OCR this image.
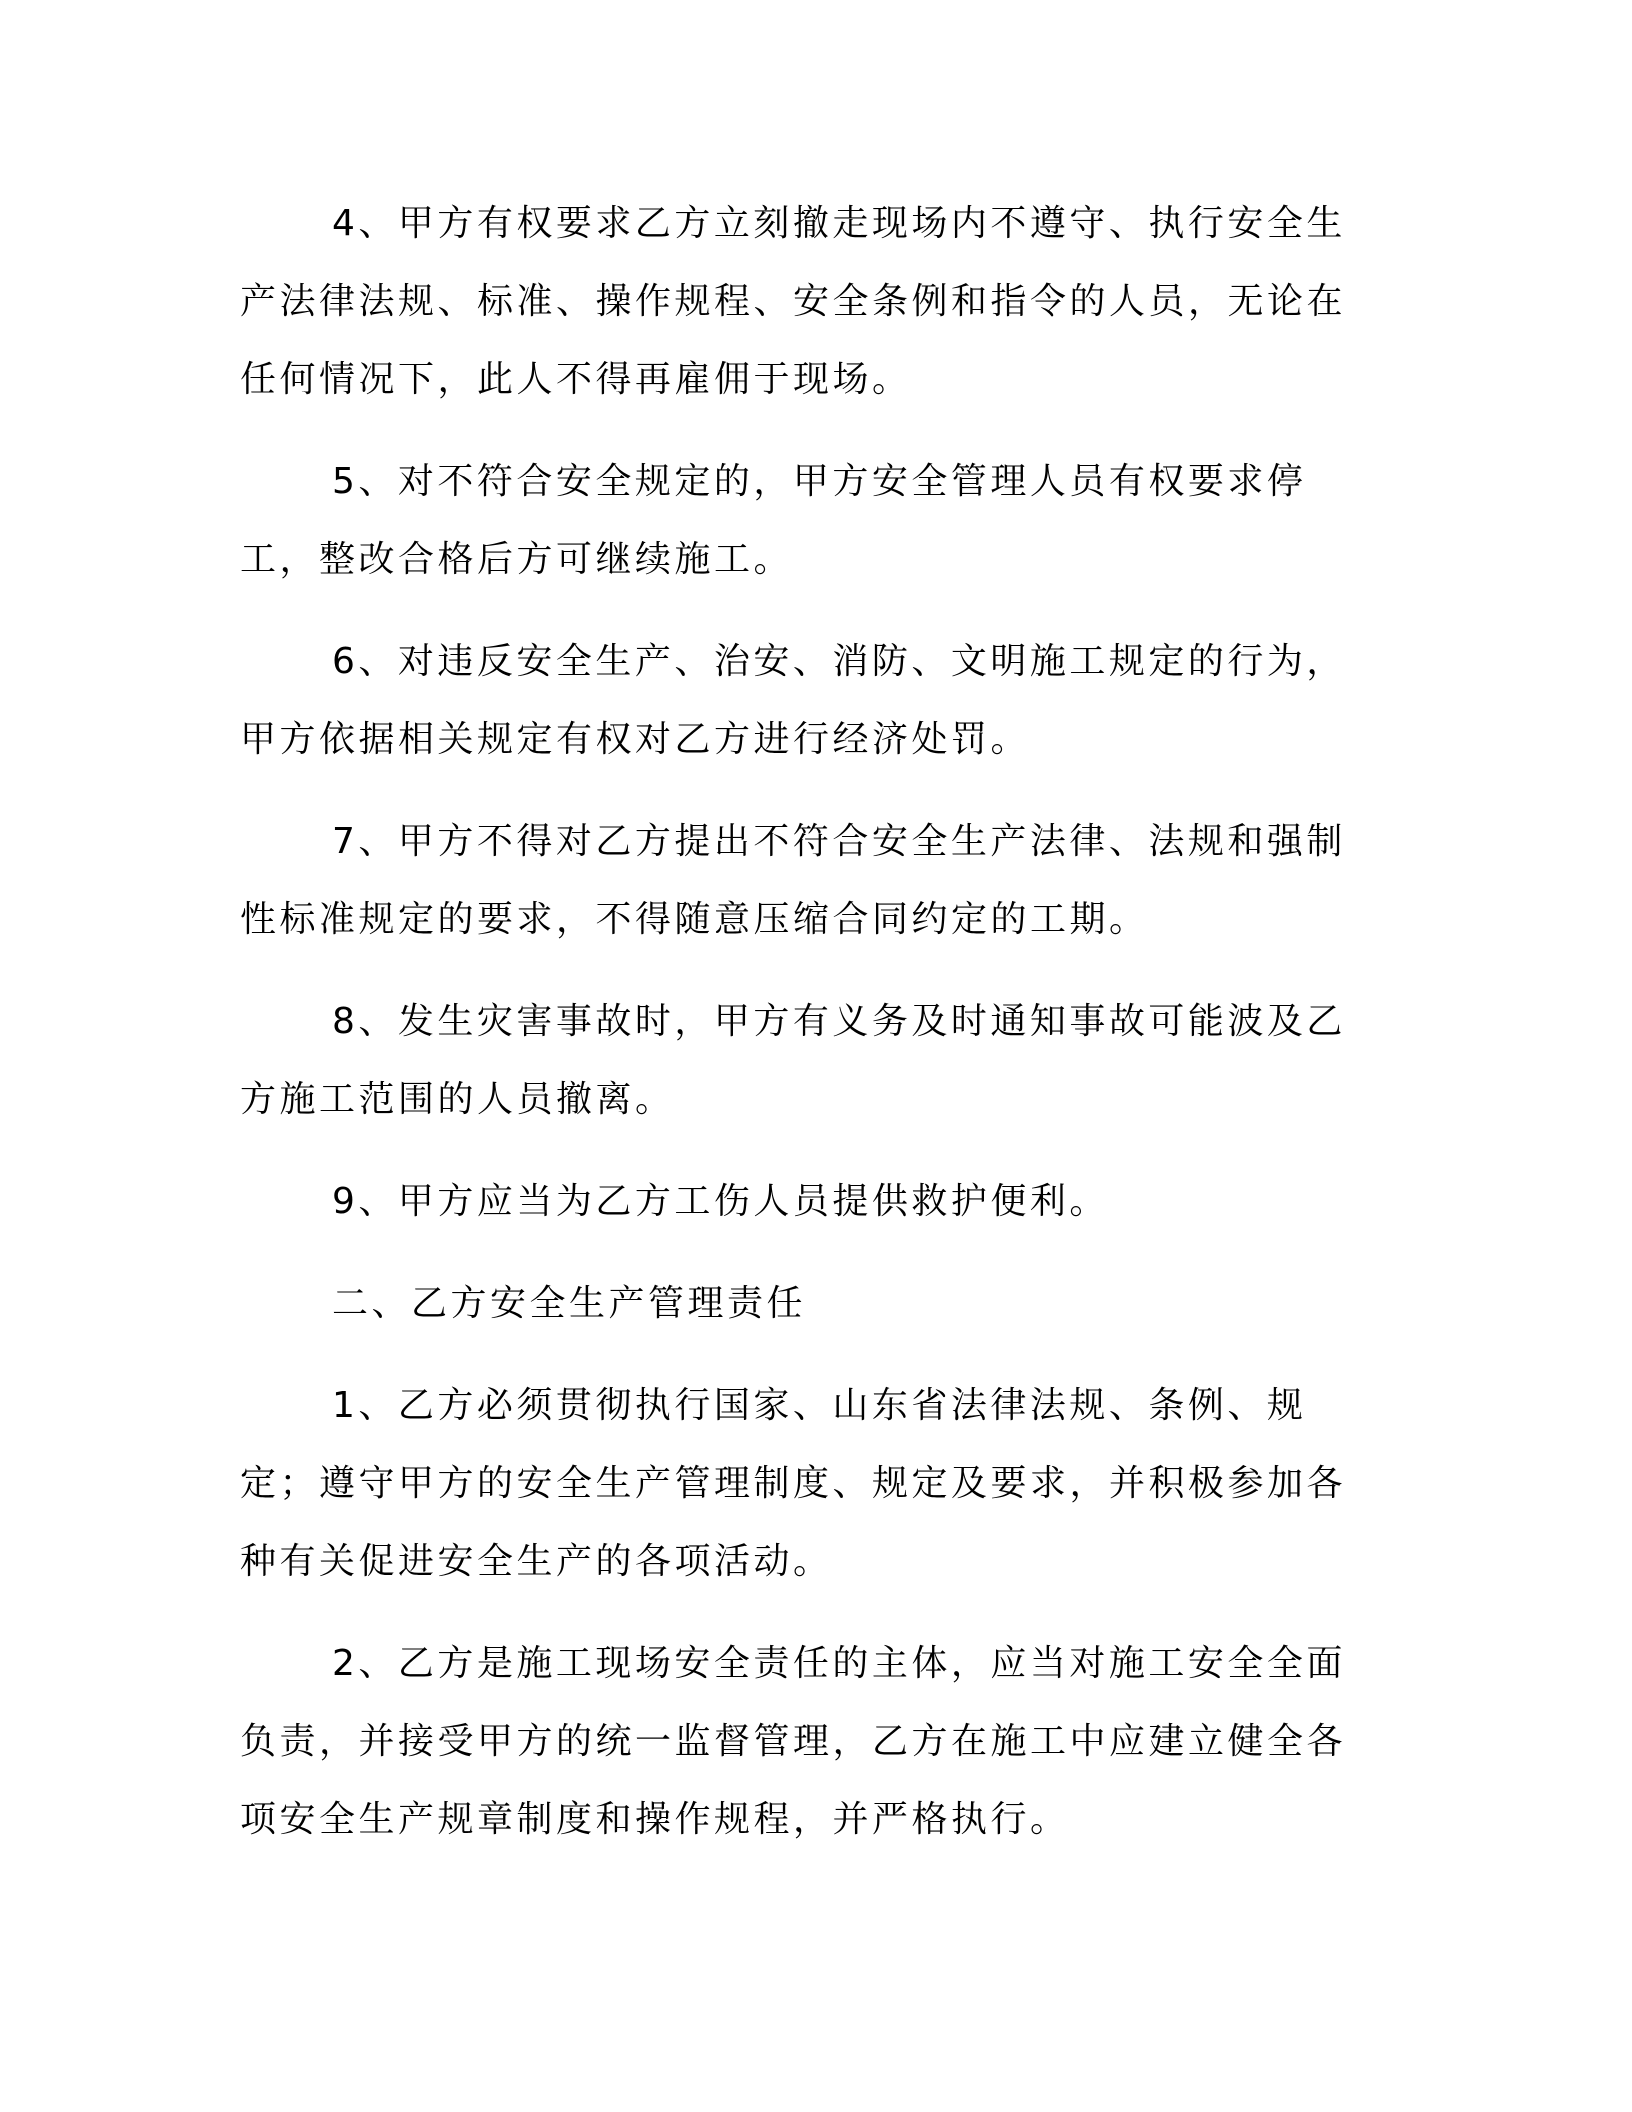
4、甲方有权要求乙方立刻撤走现场内不遵守、执行安全生产法律法规、标准、操作规程、安全条例和指令的人员，无论在任何情况下，此人不得再雇佣于现场。

5、对不符合安全规定的，甲方安全管理人员有权要求停工，整改合格后方可继续施工。

6、对违反安全生产、治安、消防、文明施工规定的行为，甲方依据相关规定有权对乙方进行经济处罚。

7、甲方不得对乙方提出不符合安全生产法律、法规和强制性标准规定的要求，不得随意压缩合同约定的工期。

8、发生灾害事故时，甲方有义务及时通知事故可能波及乙方施工范围的人员撤离。

9、甲方应当为乙方工伤人员提供救护便利。

二、乙方安全生产管理责任

1、乙方必须贯彻执行国家、山东省法律法规、条例、规定；遵守甲方的安全生产管理制度、规定及要求，并积极参加各种有关促进安全生产的各项活动。

2、乙方是施工现场安全责任的主体，应当对施工安全全面负责，并接受甲方的统一监督管理，乙方在施工中应建立健全各项安全生产规章制度和操作规程，并严格执行。
